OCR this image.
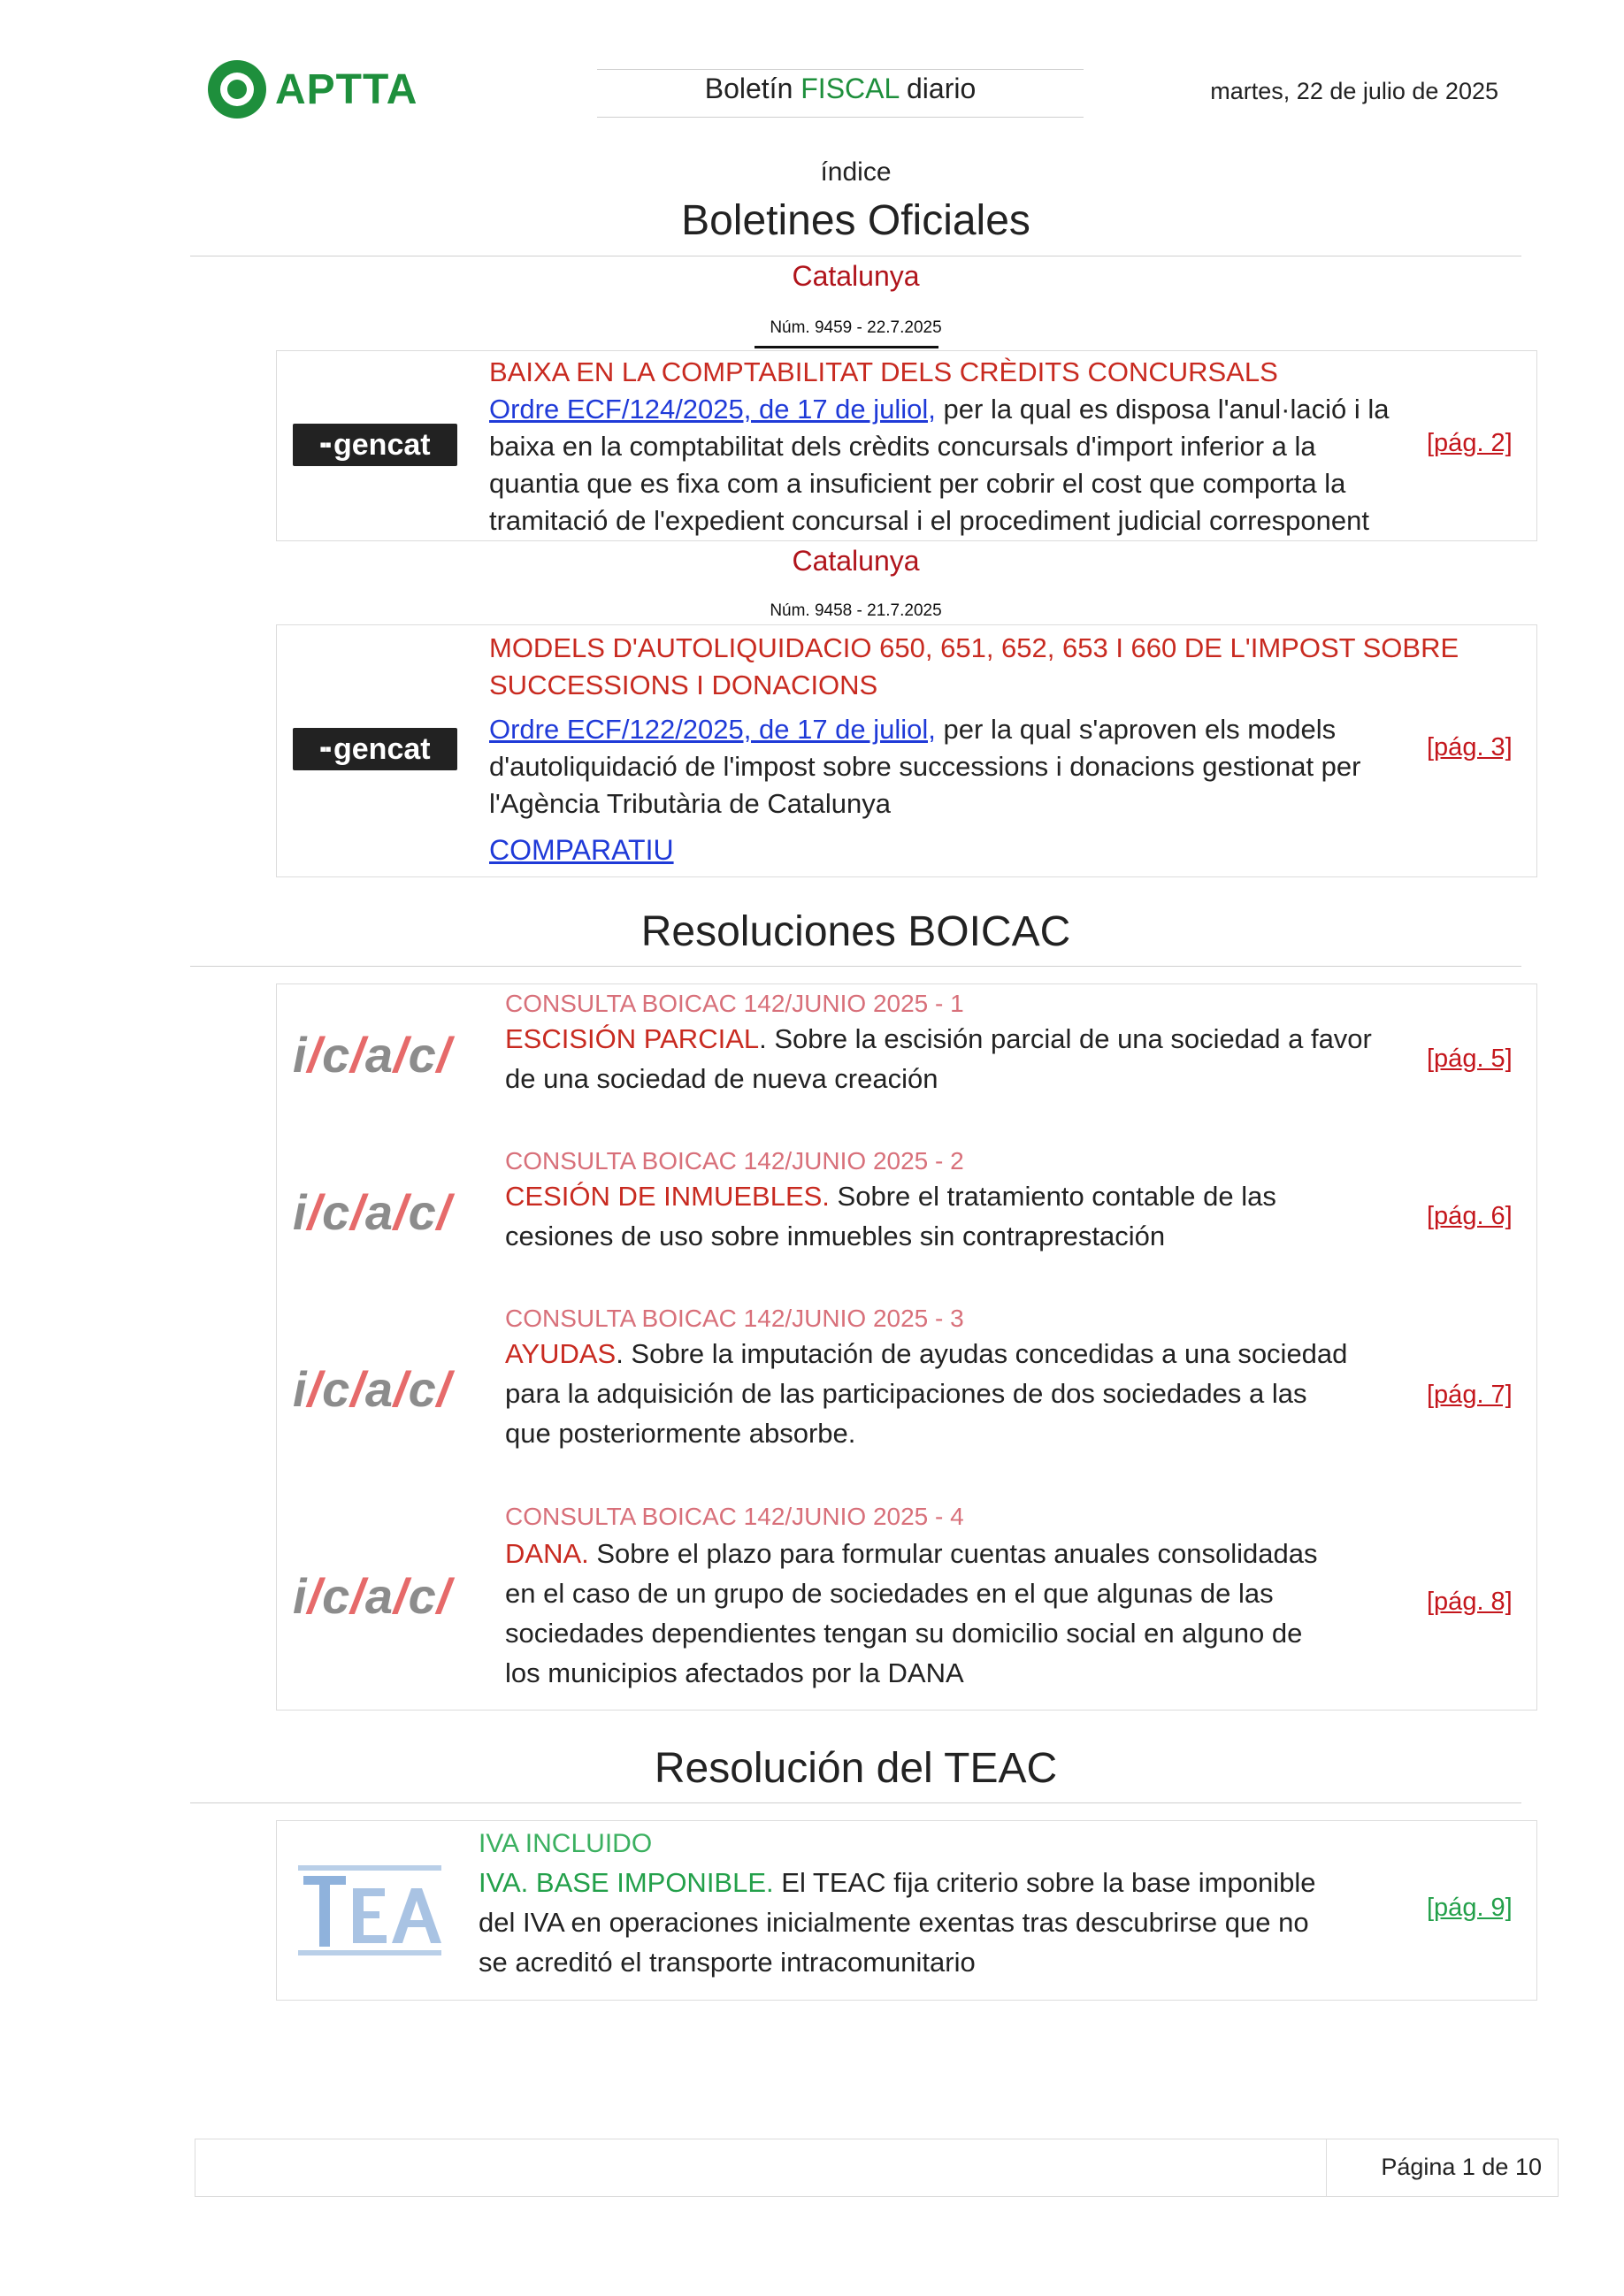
APTTA	Boletín FISCAL diario	martes, 22 de julio de 2025
índice
Boletines Oficiales
Catalunya
Núm. 9459 - 22.7.2025
▪▪ gencat
BAIXA EN LA COMPTABILITAT DELS CRÈDITS CONCURSALS
Ordre ECF/124/2025, de 17 de juliol, per la qual es disposa l'anul·lació i la
baixa en la comptabilitat dels crèdits concursals d'import inferior a la
quantia que es fixa com a insuficient per cobrir el cost que comporta la
tramitació de l'expedient concursal i el procediment judicial corresponent
[pág. 2]
Catalunya
Núm. 9458 - 21.7.2025
▪▪ gencat
MODELS D'AUTOLIQUIDACIO 650, 651, 652, 653 I 660 DE L'IMPOST SOBRE
SUCCESSIONS I DONACIONS
Ordre ECF/122/2025, de 17 de juliol, per la qual s'aproven els models
d'autoliquidació de l'impost sobre successions i donacions gestionat per
l'Agència Tributària de Catalunya
COMPARATIU
[pág. 3]
Resoluciones BOICAC
i / c / a / c /
CONSULTA BOICAC 142/JUNIO 2025 - 1
ESCISIÓN PARCIAL. Sobre la escisión parcial de una sociedad a favor
de una sociedad de nueva creación
[pág. 5]
i / c / a / c /
CONSULTA BOICAC 142/JUNIO 2025 - 2
CESIÓN DE INMUEBLES. Sobre el tratamiento contable de las
cesiones de uso sobre inmuebles sin contraprestación
[pág. 6]
i / c / a / c /
CONSULTA BOICAC 142/JUNIO 2025 - 3
AYUDAS. Sobre la imputación de ayudas concedidas a una sociedad
para la adquisición de las participaciones de dos sociedades a las
que posteriormente absorbe.
[pág. 7]
i / c / a / c /
CONSULTA BOICAC 142/JUNIO 2025 - 4
DANA. Sobre el plazo para formular cuentas anuales consolidadas
en el caso de un grupo de sociedades en el que algunas de las
sociedades dependientes tengan su domicilio social en alguno de
los municipios afectados por la DANA
[pág. 8]
Resolución del TEAC
IVA INCLUIDO
IVA. BASE IMPONIBLE. El TEAC fija criterio sobre la base imponible
del IVA en operaciones inicialmente exentas tras descubrirse que no
se acreditó el transporte intracomunitario
[pág. 9]
Página 1 de 10
